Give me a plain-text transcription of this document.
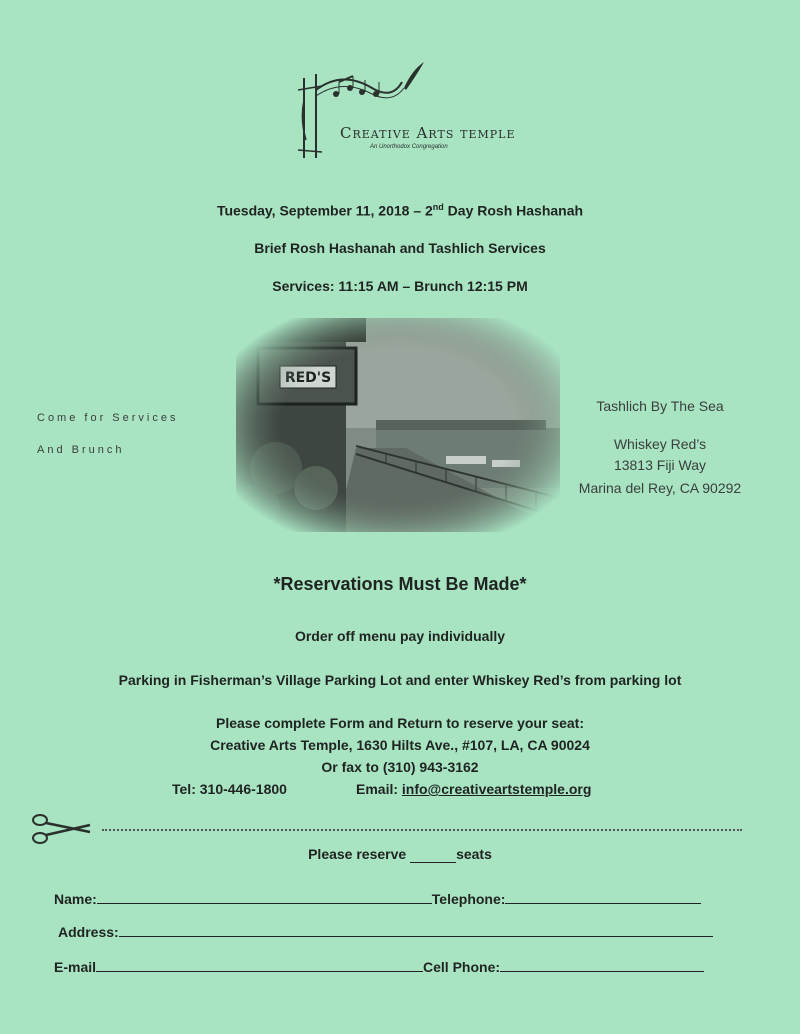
Creative Arts temple
An Unorthodox Congregation
Tuesday, September 11, 2018 – 2nd Day Rosh Hashanah
Brief Rosh Hashanah and Tashlich Services
Services: 11:15 AM – Brunch 12:15 PM
Come for Services
And Brunch
Tashlich By The Sea
Whiskey Red’s
13813 Fiji Way
Marina del Rey, CA 90292
*Reservations Must Be Made*
Order off menu pay individually
Parking in Fisherman’s Village Parking Lot and enter Whiskey Red’s from parking lot
Please complete Form and Return to reserve your seat:
Creative Arts Temple, 1630 Hilts Ave., #107, LA, CA 90024
Or fax to (310) 943-3162
Tel: 310-446-1800	Email: info@creativeartstemple.org
Please reserve	seats
Name:	Telephone:
Address:
E-mail	Cell Phone:
